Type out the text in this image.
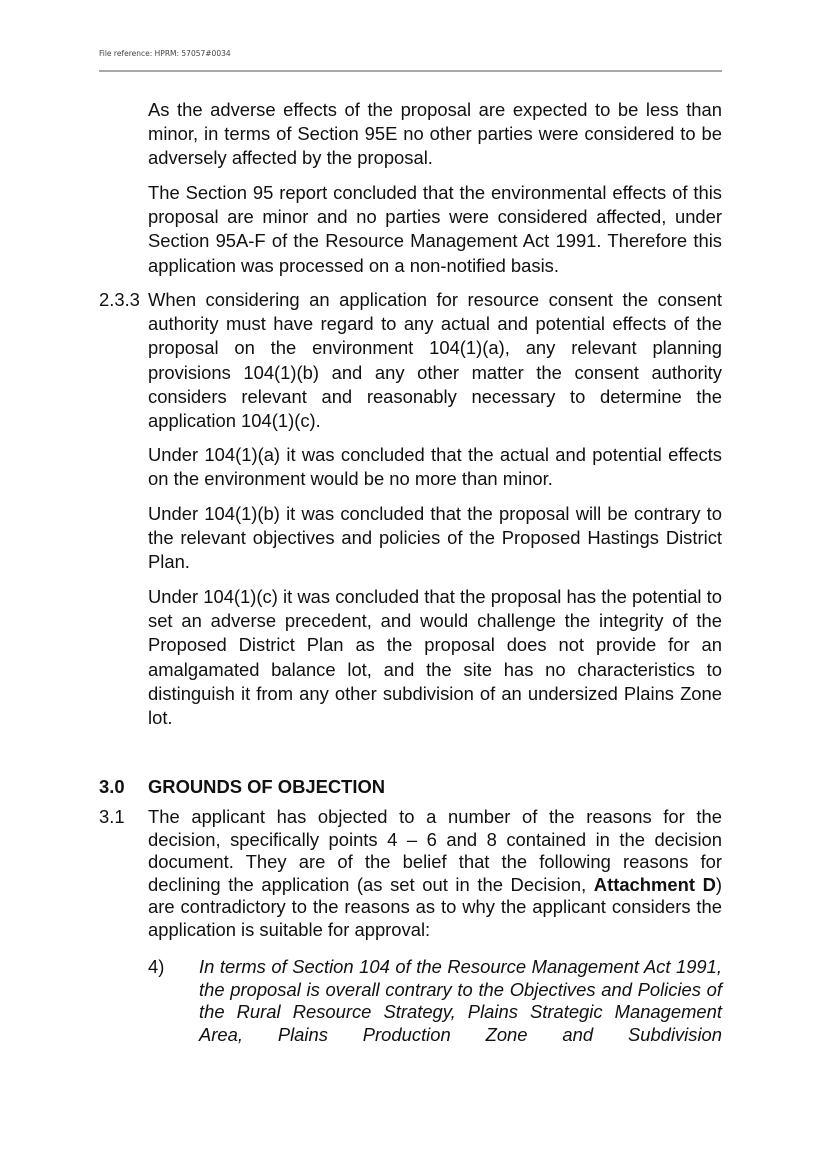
File reference: HPRM: 57057#0034

As the adverse effects of the proposal are expected to be less than minor, in terms of Section 95E no other parties were considered to be adversely affected by the proposal.

The Section 95 report concluded that the environmental effects of this proposal are minor and no parties were considered affected, under Section 95A-F of the Resource Management Act 1991. Therefore this application was processed on a non-notified basis.

2.3.3 When considering an application for resource consent the consent authority must have regard to any actual and potential effects of the proposal on the environment 104(1)(a), any relevant planning provisions 104(1)(b) and any other matter the consent authority considers relevant and reasonably necessary to determine the application 104(1)(c).

Under 104(1)(a) it was concluded that the actual and potential effects on the environment would be no more than minor.

Under 104(1)(b) it was concluded that the proposal will be contrary to the relevant objectives and policies of the Proposed Hastings District Plan.

Under 104(1)(c) it was concluded that the proposal has the potential to set an adverse precedent, and would challenge the integrity of the Proposed District Plan as the proposal does not provide for an amalgamated balance lot, and the site has no characteristics to distinguish it from any other subdivision of an undersized Plains Zone lot.

3.0 GROUNDS OF OBJECTION
3.1 The applicant has objected to a number of the reasons for the decision, specifically points 4 – 6 and 8 contained in the decision document. They are of the belief that the following reasons for declining the application (as set out in the Decision, Attachment D) are contradictory to the reasons as to why the applicant considers the application is suitable for approval:

4) In terms of Section 104 of the Resource Management Act 1991, the proposal is overall contrary to the Objectives and Policies of the Rural Resource Strategy, Plains Strategic Management Area, Plains Production Zone and Subdivision
